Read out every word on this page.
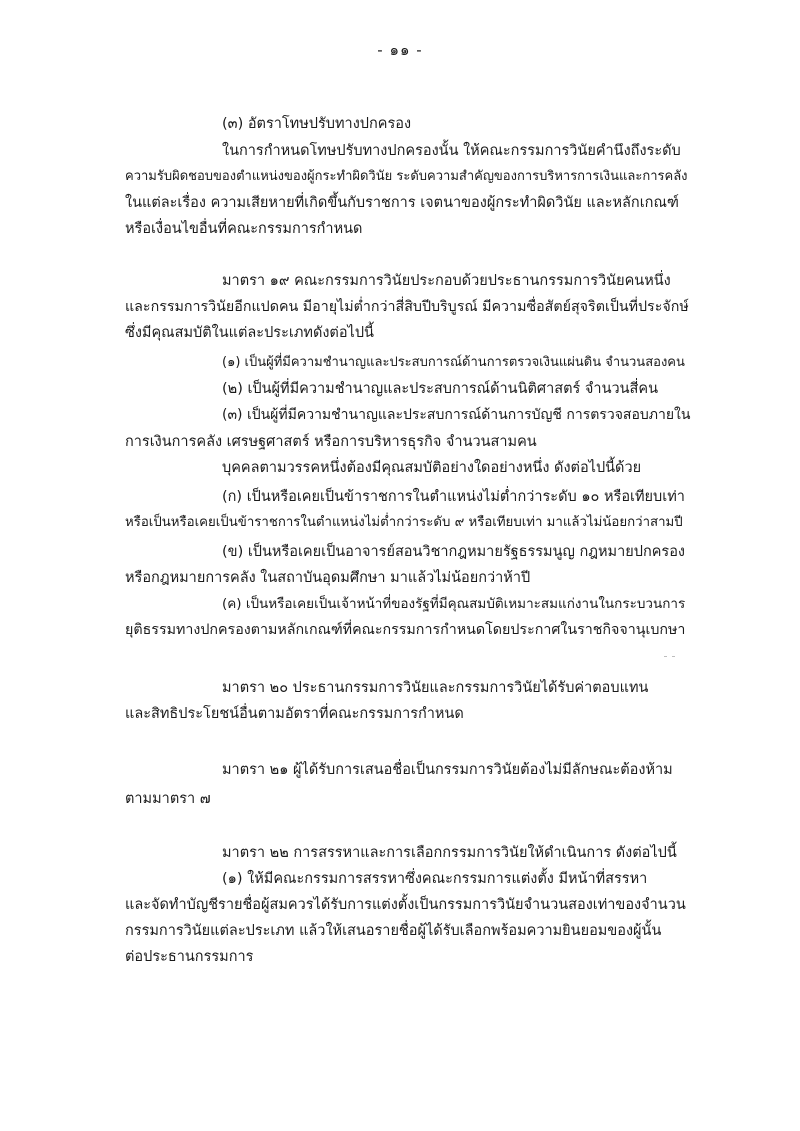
- ๑๑ -
(๓) อัตราโทษปรับทางปกครอง
ในการกำหนดโทษปรับทางปกครองนั้น ให้คณะกรรมการวินัยคำนึงถึงระดับ
ความรับผิดชอบของตำแหน่งของผู้กระทำผิดวินัย ระดับความสำคัญของการบริหารการเงินและการคลัง
ในแต่ละเรื่อง ความเสียหายที่เกิดขึ้นกับราชการ เจตนาของผู้กระทำผิดวินัย และหลักเกณฑ์
หรือเงื่อนไขอื่นที่คณะกรรมการกำหนด
มาตรา ๑๙ คณะกรรมการวินัยประกอบด้วยประธานกรรมการวินัยคนหนึ่ง
และกรรมการวินัยอีกแปดคน มีอายุไม่ต่ำกว่าสี่สิบปีบริบูรณ์ มีความซื่อสัตย์สุจริตเป็นที่ประจักษ์
ซึ่งมีคุณสมบัติในแต่ละประเภทดังต่อไปนี้
(๑) เป็นผู้ที่มีความชำนาญและประสบการณ์ด้านการตรวจเงินแผ่นดิน จำนวนสองคน
(๒) เป็นผู้ที่มีความชำนาญและประสบการณ์ด้านนิติศาสตร์ จำนวนสี่คน
(๓) เป็นผู้ที่มีความชำนาญและประสบการณ์ด้านการบัญชี การตรวจสอบภายใน
การเงินการคลัง เศรษฐศาสตร์ หรือการบริหารธุรกิจ จำนวนสามคน
บุคคลตามวรรคหนึ่งต้องมีคุณสมบัติอย่างใดอย่างหนึ่ง ดังต่อไปนี้ด้วย
(ก) เป็นหรือเคยเป็นข้าราชการในตำแหน่งไม่ต่ำกว่าระดับ ๑๐ หรือเทียบเท่า
หรือเป็นหรือเคยเป็นข้าราชการในตำแหน่งไม่ต่ำกว่าระดับ ๙ หรือเทียบเท่า มาแล้วไม่น้อยกว่าสามปี
(ข) เป็นหรือเคยเป็นอาจารย์สอนวิชากฎหมายรัฐธรรมนูญ กฎหมายปกครอง
หรือกฎหมายการคลัง ในสถาบันอุดมศึกษา มาแล้วไม่น้อยกว่าห้าปี
(ค) เป็นหรือเคยเป็นเจ้าหน้าที่ของรัฐที่มีคุณสมบัติเหมาะสมแก่งานในกระบวนการ
ยุติธรรมทางปกครองตามหลักเกณฑ์ที่คณะกรรมการกำหนดโดยประกาศในราชกิจจานุเบกษา
มาตรา ๒๐ ประธานกรรมการวินัยและกรรมการวินัยได้รับค่าตอบแทน
และสิทธิประโยชน์อื่นตามอัตราที่คณะกรรมการกำหนด
มาตรา ๒๑ ผู้ได้รับการเสนอชื่อเป็นกรรมการวินัยต้องไม่มีลักษณะต้องห้าม
ตามมาตรา ๗
มาตรา ๒๒ การสรรหาและการเลือกกรรมการวินัยให้ดำเนินการ ดังต่อไปนี้
(๑) ให้มีคณะกรรมการสรรหาซึ่งคณะกรรมการแต่งตั้ง มีหน้าที่สรรหา
และจัดทำบัญชีรายชื่อผู้สมควรได้รับการแต่งตั้งเป็นกรรมการวินัยจำนวนสองเท่าของจำนวน
กรรมการวินัยแต่ละประเภท แล้วให้เสนอรายชื่อผู้ได้รับเลือกพร้อมความยินยอมของผู้นั้น
ต่อประธานกรรมการ
